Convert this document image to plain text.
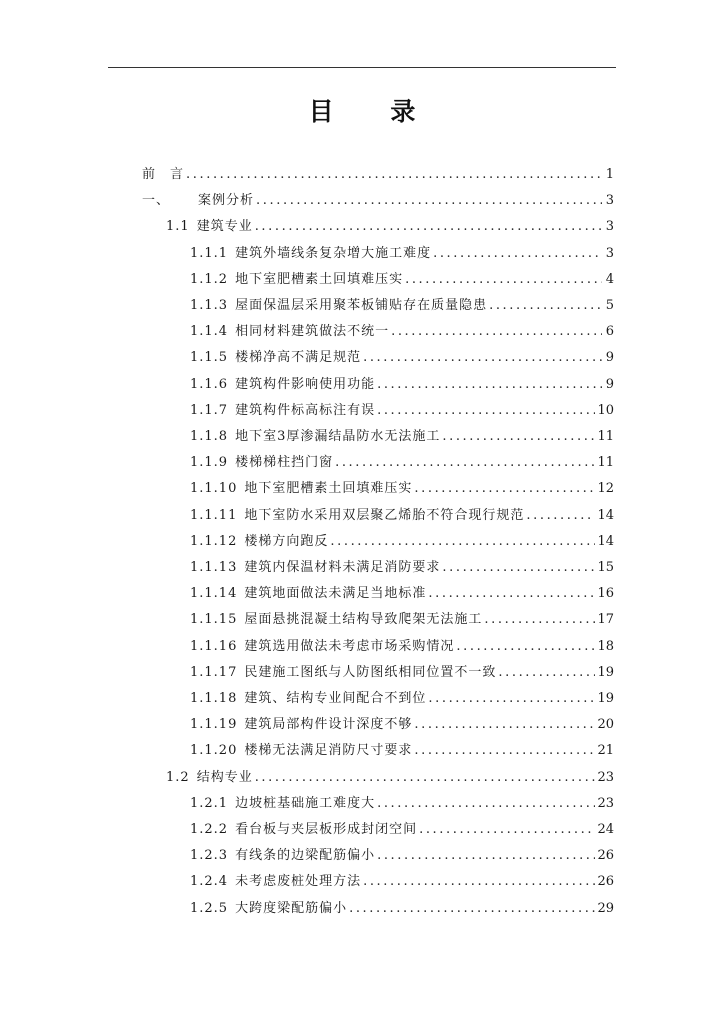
目 录
前　言 .....	1
一、 案例分析 .....	3
1.1 建筑专业 .....	3
1.1.1 建筑外墙线条复杂增大施工难度 .....	3
1.1.2 地下室肥槽素土回填难压实 .....	4
1.1.3 屋面保温层采用聚苯板铺贴存在质量隐患 .....	5
1.1.4 相同材料建筑做法不统一 .....	6
1.1.5 楼梯净高不满足规范 .....	9
1.1.6 建筑构件影响使用功能 .....	9
1.1.7 建筑构件标高标注有误 .....	10
1.1.8 地下室3厚渗漏结晶防水无法施工 .....	11
1.1.9 楼梯梯柱挡门窗 .....	11
1.1.10 地下室肥槽素土回填难压实 .....	12
1.1.11 地下室防水采用双层聚乙烯胎不符合现行规范 .....	14
1.1.12 楼梯方向跑反 .....	14
1.1.13 建筑内保温材料未满足消防要求 .....	15
1.1.14 建筑地面做法未满足当地标准 .....	16
1.1.15 屋面悬挑混凝土结构导致爬架无法施工 .....	17
1.1.16 建筑选用做法未考虑市场采购情况 .....	18
1.1.17 民建施工图纸与人防图纸相同位置不一致 .....	19
1.1.18 建筑、结构专业间配合不到位 .....	19
1.1.19 建筑局部构件设计深度不够 .....	20
1.1.20 楼梯无法满足消防尺寸要求 .....	21
1.2 结构专业 .....	23
1.2.1 边坡桩基础施工难度大 .....	23
1.2.2 看台板与夹层板形成封闭空间 .....	24
1.2.3 有线条的边梁配筋偏小 .....	26
1.2.4 未考虑废桩处理方法 .....	26
1.2.5 大跨度梁配筋偏小 .....	29
